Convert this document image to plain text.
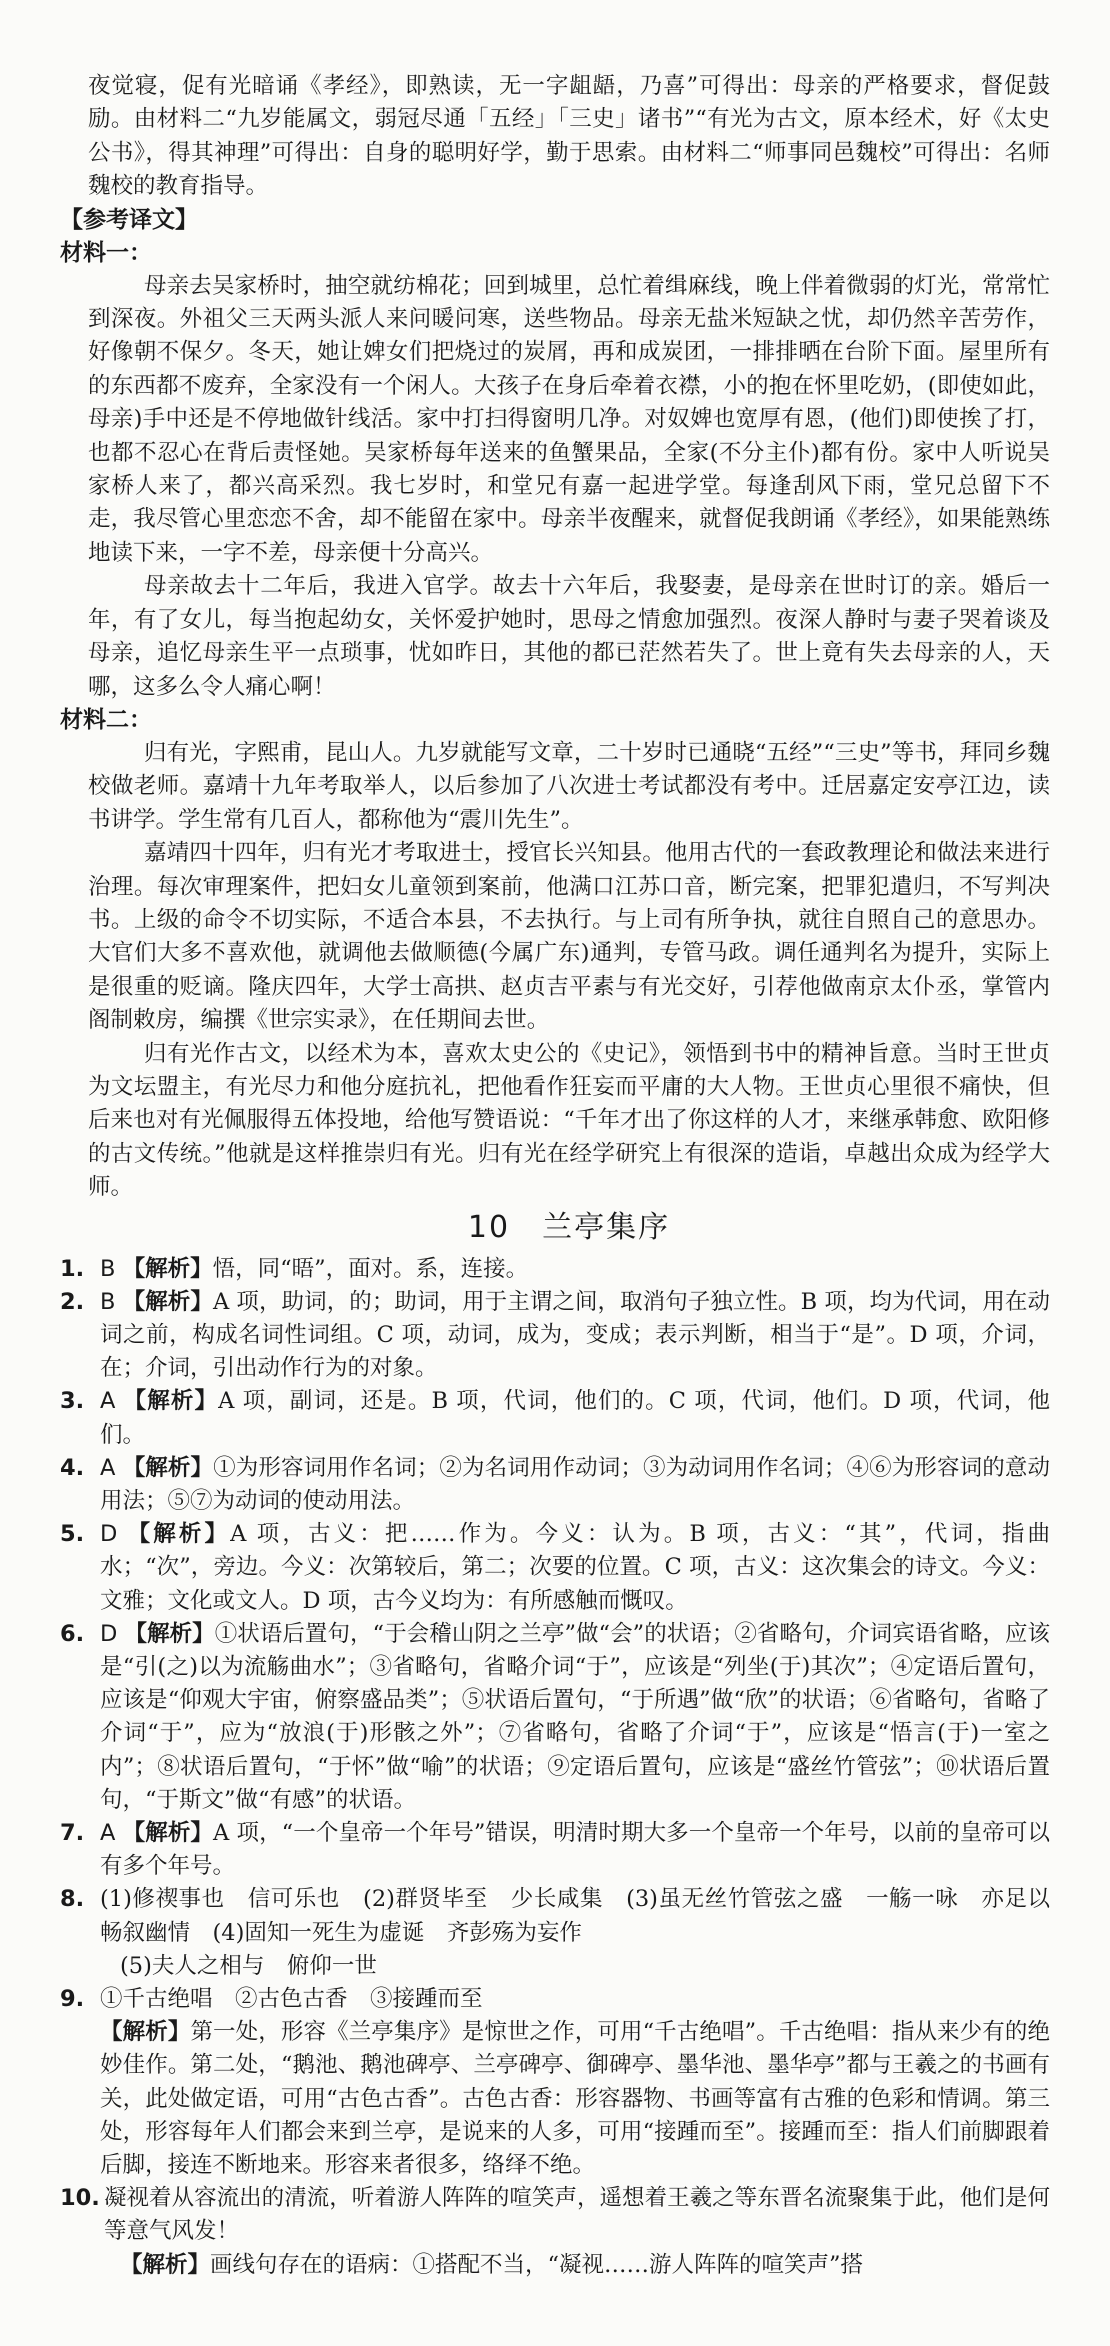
夜觉寝，促有光暗诵《孝经》，即熟读，无一字龃龉，乃喜”可得出：母亲的严格要求，督促鼓励。由材料二“九岁能属文，弱冠尽通「五经」「三史」诸书”“有光为古文，原本经术，好《太史公书》，得其神理”可得出：自身的聪明好学，勤于思索。由材料二“师事同邑魏校”可得出：名师魏校的教育指导。

【参考译文】
材料一：

母亲去吴家桥时，抽空就纺棉花；回到城里，总忙着缉麻线，晚上伴着微弱的灯光，常常忙到深夜。外祖父三天两头派人来问暖问寒，送些物品。母亲无盐米短缺之忧，却仍然辛苦劳作，好像朝不保夕。冬天，她让婢女们把烧过的炭屑，再和成炭团，一排排晒在台阶下面。屋里所有的东西都不废弃，全家没有一个闲人。大孩子在身后牵着衣襟，小的抱在怀里吃奶，(即使如此，母亲)手中还是不停地做针线活。家中打扫得窗明几净。对奴婢也宽厚有恩，(他们)即使挨了打，也都不忍心在背后责怪她。吴家桥每年送来的鱼蟹果品，全家(不分主仆)都有份。家中人听说吴家桥人来了，都兴高采烈。我七岁时，和堂兄有嘉一起进学堂。每逢刮风下雨，堂兄总留下不走，我尽管心里恋恋不舍，却不能留在家中。母亲半夜醒来，就督促我朗诵《孝经》，如果能熟练地读下来，一字不差，母亲便十分高兴。

母亲故去十二年后，我进入官学。故去十六年后，我娶妻，是母亲在世时订的亲。婚后一年，有了女儿，每当抱起幼女，关怀爱护她时，思母之情愈加强烈。夜深人静时与妻子哭着谈及母亲，追忆母亲生平一点琐事，忧如昨日，其他的都已茫然若失了。世上竟有失去母亲的人，天哪，这多么令人痛心啊！

材料二：

归有光，字熙甫，昆山人。九岁就能写文章，二十岁时已通晓“五经”“三史”等书，拜同乡魏校做老师。嘉靖十九年考取举人，以后参加了八次进士考试都没有考中。迁居嘉定安亭江边，读书讲学。学生常有几百人，都称他为“震川先生”。

嘉靖四十四年，归有光才考取进士，授官长兴知县。他用古代的一套政教理论和做法来进行治理。每次审理案件，把妇女儿童领到案前，他满口江苏口音，断完案，把罪犯遣归，不写判决书。上级的命令不切实际，不适合本县，不去执行。与上司有所争执，就往自照自己的意思办。大官们大多不喜欢他，就调他去做顺德(今属广东)通判，专管马政。调任通判名为提升，实际上是很重的贬谪。隆庆四年，大学士高拱、赵贞吉平素与有光交好，引荐他做南京太仆丞，掌管内阁制敕房，编撰《世宗实录》，在任期间去世。

归有光作古文，以经术为本，喜欢太史公的《史记》，领悟到书中的精神旨意。当时王世贞为文坛盟主，有光尽力和他分庭抗礼，把他看作狂妄而平庸的大人物。王世贞心里很不痛快，但后来也对有光佩服得五体投地，给他写赞语说：“千年才出了你这样的人才，来继承韩愈、欧阳修的古文传统。”他就是这样推崇归有光。归有光在经学研究上有很深的造诣，卓越出众成为经学大师。

10　兰亭集序
1. B 【解析】悟，同“晤”，面对。系，连接。
2. B 【解析】A 项，助词，的；助词，用于主谓之间，取消句子独立性。B 项，均为代词，用在动词之前，构成名词性词组。C 项，动词，成为，变成；表示判断，相当于“是”。D 项，介词，在；介词，引出动作行为的对象。
3. A 【解析】A 项，副词，还是。B 项，代词，他们的。C 项，代词，他们。D 项，代词，他们。
4. A 【解析】①为形容词用作名词；②为名词用作动词；③为动词用作名词；④⑥为形容词的意动用法；⑤⑦为动词的使动用法。
5. D 【解析】A 项，古义：把……作为。今义：认为。B 项，古义：“其”，代词，指曲水；“次”，旁边。今义：次第较后，第二；次要的位置。C 项，古义：这次集会的诗文。今义：文雅；文化或文人。D 项，古今义均为：有所感触而慨叹。
6. D 【解析】①状语后置句，“于会稽山阴之兰亭”做“会”的状语；②省略句，介词宾语省略，应该是“引(之)以为流觞曲水”；③省略句，省略介词“于”，应该是“列坐(于)其次”；④定语后置句，应该是“仰观大宇宙，俯察盛品类”；⑤状语后置句，“于所遇”做“欣”的状语；⑥省略句，省略了介词“于”，应为“放浪(于)形骸之外”；⑦省略句，省略了介词“于”，应该是“悟言(于)一室之内”；⑧状语后置句，“于怀”做“喻”的状语；⑨定语后置句，应该是“盛丝竹管弦”；⑩状语后置句，“于斯文”做“有感”的状语。
7. A 【解析】A 项，“一个皇帝一个年号”错误，明清时期大多一个皇帝一个年号，以前的皇帝可以有多个年号。
8. (1)修禊事也　信可乐也　(2)群贤毕至　少长咸集　(3)虽无丝竹管弦之盛　一觞一咏　亦足以畅叙幽情　(4)固知一死生为虚诞　齐彭殇为妄作
(5)夫人之相与　俯仰一世
9. ①千古绝唱　②古色古香　③接踵而至
【解析】第一处，形容《兰亭集序》是惊世之作，可用“千古绝唱”。千古绝唱：指从来少有的绝妙佳作。第二处，“鹅池、鹅池碑亭、兰亭碑亭、御碑亭、墨华池、墨华亭”都与王羲之的书画有关，此处做定语，可用“古色古香”。古色古香：形容器物、书画等富有古雅的色彩和情调。第三处，形容每年人们都会来到兰亭，是说来的人多，可用“接踵而至”。接踵而至：指人们前脚跟着后脚，接连不断地来。形容来者很多，络绎不绝。
10. 凝视着从容流出的清流，听着游人阵阵的喧笑声，遥想着王羲之等东晋名流聚集于此，他们是何等意气风发！
【解析】画线句存在的语病：①搭配不当，“凝视……游人阵阵的喧笑声”搭
